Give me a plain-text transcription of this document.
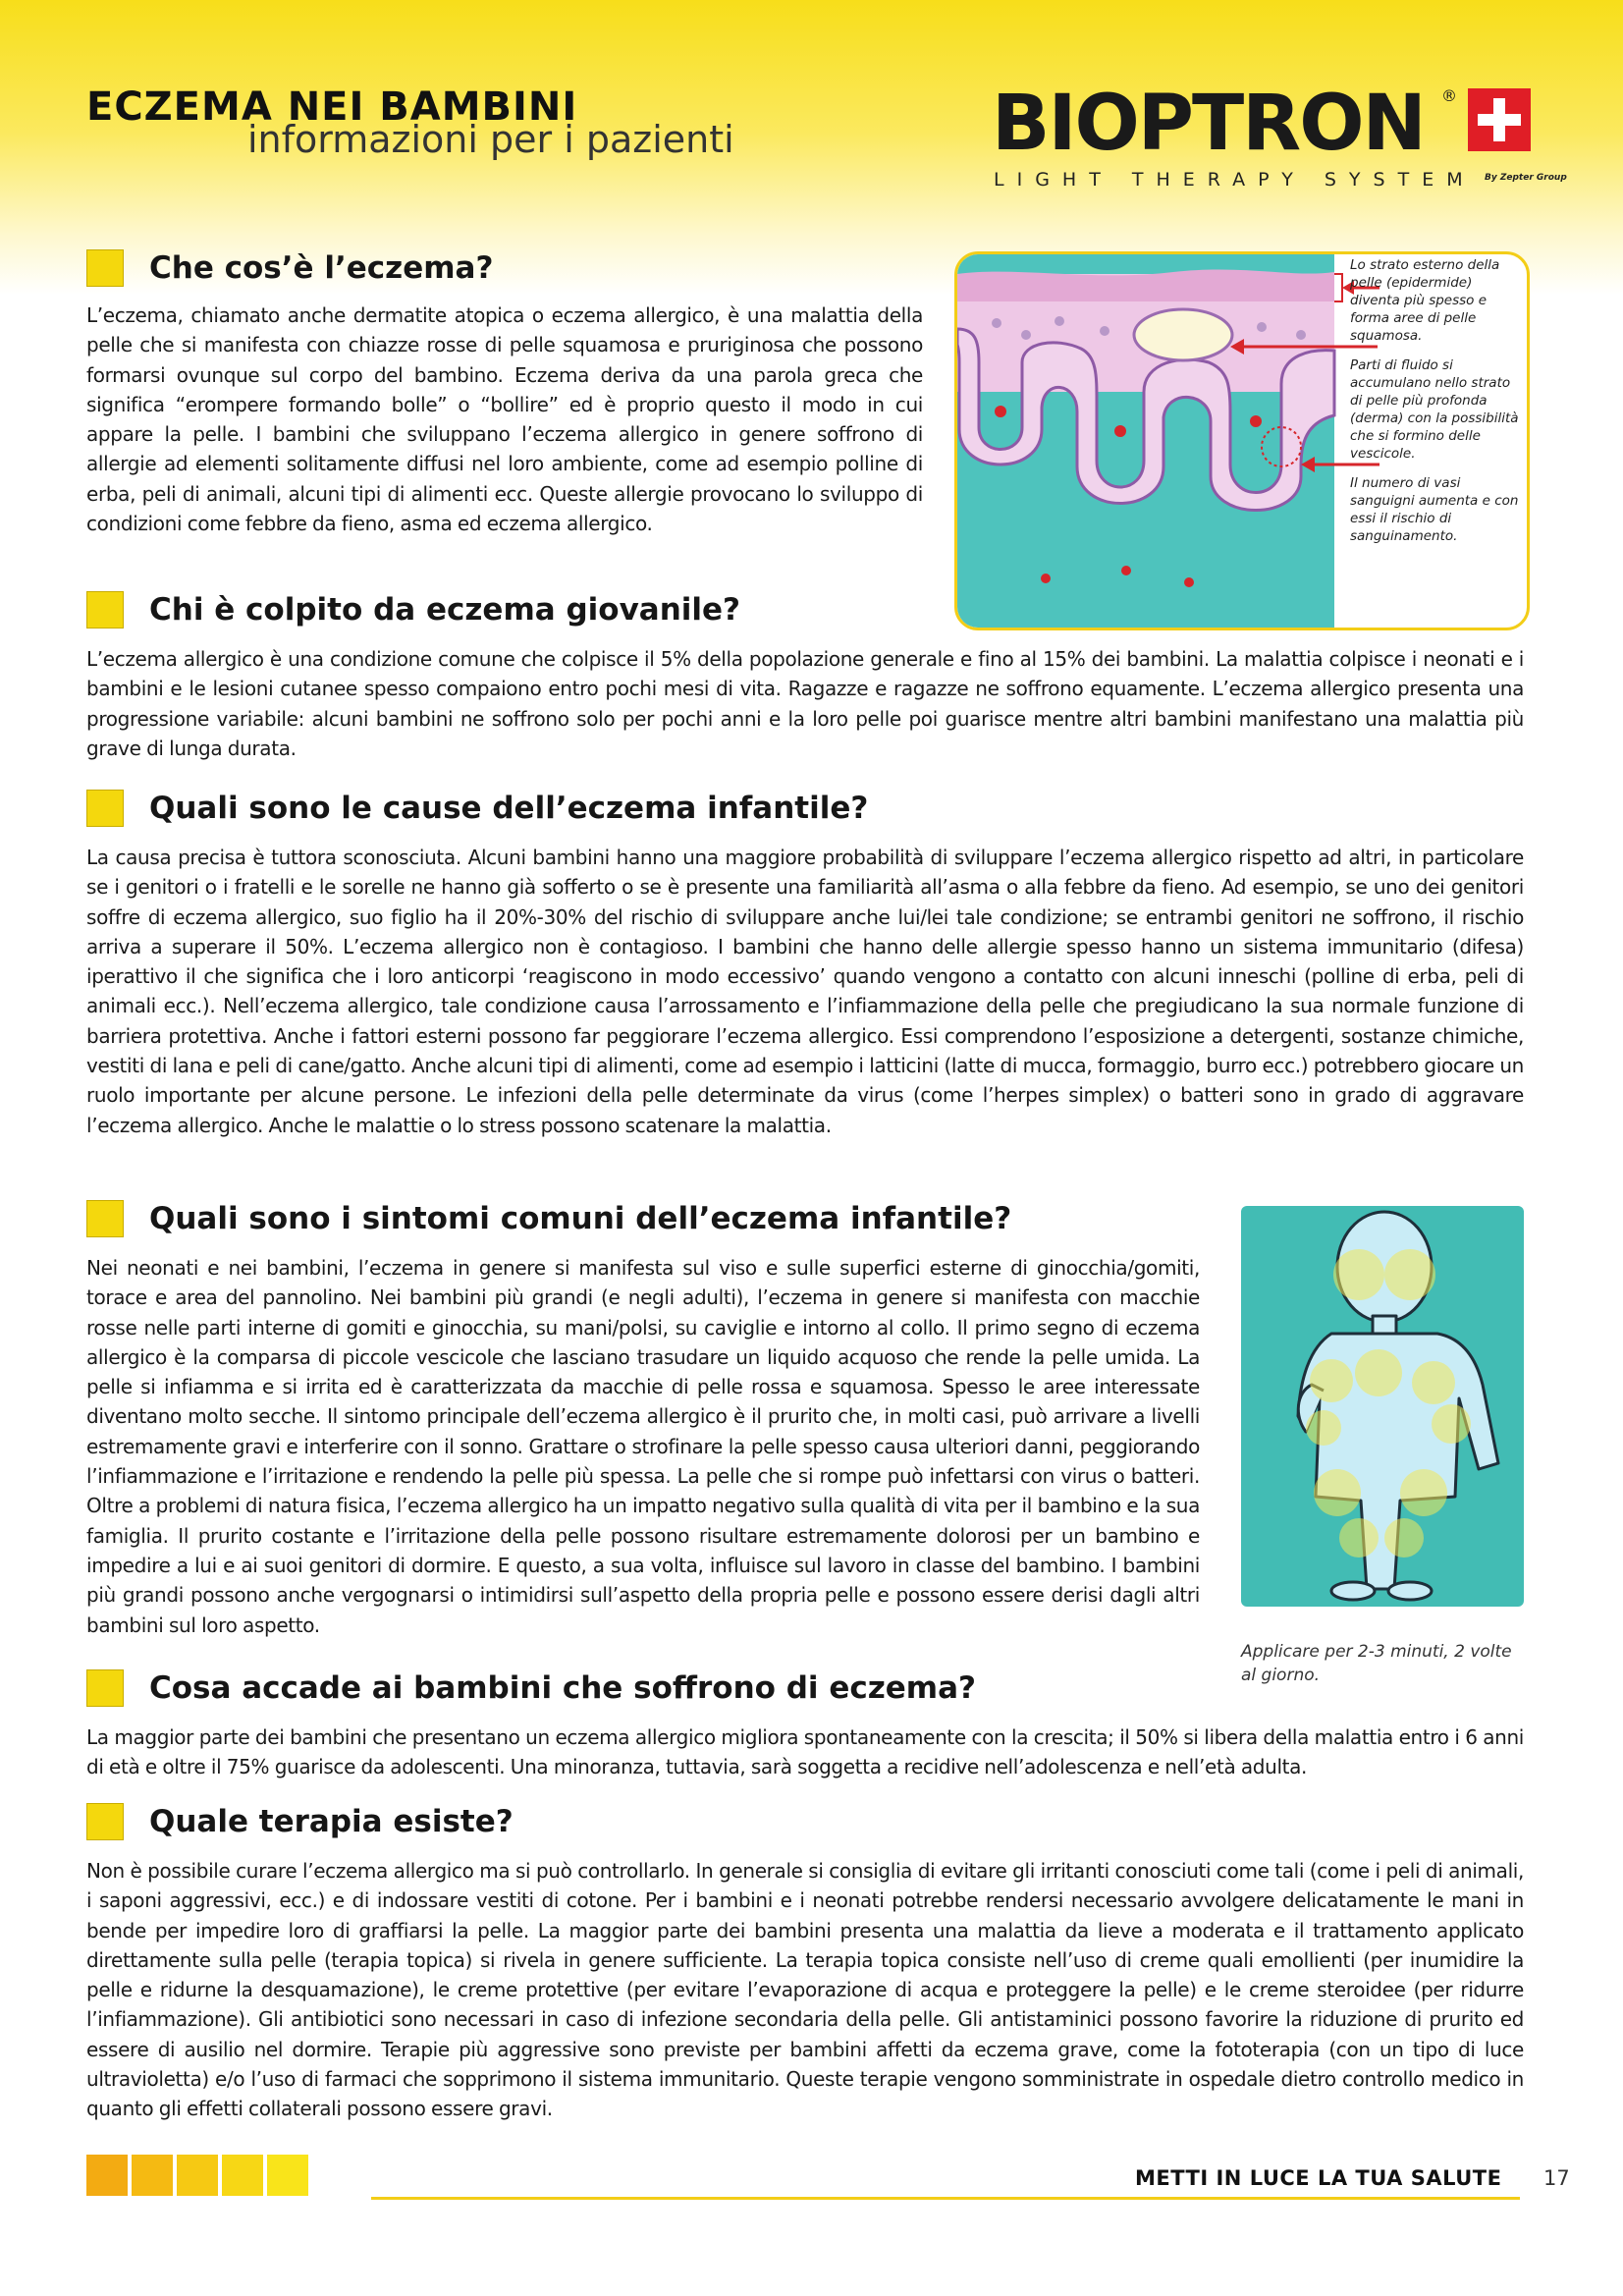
ECZEMA NEI BAMBINI
informazioni per i pazienti	BIOPTRON ®
LIGHT THERAPY SYSTEM By Zepter Group
Che cos’è l’eczema?

L’eczema, chiamato anche dermatite atopica o eczema allergico, è una malattia della pelle che si manifesta con chiazze rosse di pelle squamosa e pruriginosa che possono formarsi ovunque sul corpo del bambino. Eczema deriva da una parola greca che significa “erompere formando bolle” o “bollire” ed è proprio questo il modo in cui appare la pelle. I bambini che sviluppano l’eczema allergico in genere soffrono di allergie ad elementi solitamente diffusi nel loro ambiente, come ad esempio polline di erba, peli di animali, alcuni tipi di alimenti ecc. Queste allergie provocano lo sviluppo di condizioni come febbre da fieno, asma ed eczema allergico.

Lo strato esterno della pelle (epidermide) diventa più spesso e forma aree di pelle squamosa.
Parti di fluido si accumulano nello strato di pelle più profonda (derma) con la possibilità che si formino delle vescicole.
Il numero di vasi sanguigni aumenta e con essi il rischio di sanguinamento.
Chi è colpito da eczema giovanile?

L’eczema allergico è una condizione comune che colpisce il 5% della popolazione generale e fino al 15% dei bambini. La malattia colpisce i neonati e i bambini e le lesioni cutanee spesso compaiono entro pochi mesi di vita. Ragazze e ragazze ne soffrono equamente. L’eczema allergico presenta una progressione variabile: alcuni bambini ne soffrono solo per pochi anni e la loro pelle poi guarisce mentre altri bambini manifestano una malattia più grave di lunga durata.

Quali sono le cause dell’eczema infantile?

La causa precisa è tuttora sconosciuta. Alcuni bambini hanno una maggiore probabilità di sviluppare l’eczema allergico rispetto ad altri, in particolare se i genitori o i fratelli e le sorelle ne hanno già sofferto o se è presente una familiarità all’asma o alla febbre da fieno. Ad esempio, se uno dei genitori soffre di eczema allergico, suo figlio ha il 20%-30% del rischio di sviluppare anche lui/lei tale condizione; se entrambi genitori ne soffrono, il rischio arriva a superare il 50%. L’eczema allergico non è contagioso. I bambini che hanno delle allergie spesso hanno un sistema immunitario (difesa) iperattivo il che significa che i loro anticorpi ‘reagiscono in modo eccessivo’ quando vengono a contatto con alcuni inneschi (polline di erba, peli di animali ecc.). Nell’eczema allergico, tale condizione causa l’arrossamento e l’infiammazione della pelle che pregiudicano la sua normale funzione di barriera protettiva. Anche i fattori esterni possono far peggiorare l’eczema allergico. Essi comprendono l’esposizione a detergenti, sostanze chimiche, vestiti di lana e peli di cane/gatto. Anche alcuni tipi di alimenti, come ad esempio i latticini (latte di mucca, formaggio, burro ecc.) potrebbero giocare un ruolo importante per alcune persone. Le infezioni della pelle determinate da virus (come l’herpes simplex) o batteri sono in grado di aggravare l’eczema allergico. Anche le malattie o lo stress possono scatenare la malattia.

Quali sono i sintomi comuni dell’eczema infantile?

Nei neonati e nei bambini, l’eczema in genere si manifesta sul viso e sulle superfici esterne di ginocchia/gomiti, torace e area del pannolino. Nei bambini più grandi (e negli adulti), l’eczema in genere si manifesta con macchie rosse nelle parti interne di gomiti e ginocchia, su mani/polsi, su caviglie e intorno al collo. Il primo segno di eczema allergico è la comparsa di piccole vescicole che lasciano trasudare un liquido acquoso che rende la pelle umida. La pelle si infiamma e si irrita ed è caratterizzata da macchie di pelle rossa e squamosa. Spesso le aree interessate diventano molto secche. Il sintomo principale dell’eczema allergico è il prurito che, in molti casi, può arrivare a livelli estremamente gravi e interferire con il sonno. Grattare o strofinare la pelle spesso causa ulteriori danni, peggiorando l’infiammazione e l’irritazione e rendendo la pelle più spessa. La pelle che si rompe può infettarsi con virus o batteri. Oltre a problemi di natura fisica, l’eczema allergico ha un impatto negativo sulla qualità di vita per il bambino e la sua famiglia. Il prurito costante e l’irritazione della pelle possono risultare estremamente dolorosi per un bambino e impedire a lui e ai suoi genitori di dormire. E questo, a sua volta, influisce sul lavoro in classe del bambino. I bambini più grandi possono anche vergognarsi o intimidirsi sull’aspetto della propria pelle e possono essere derisi dagli altri bambini sul loro aspetto.

Applicare per 2-3 minuti, 2 volte al giorno.
Cosa accade ai bambini che soffrono di eczema?

La maggior parte dei bambini che presentano un eczema allergico migliora spontaneamente con la crescita; il 50% si libera della malattia entro i 6 anni di età e oltre il 75% guarisce da adolescenti. Una minoranza, tuttavia, sarà soggetta a recidive nell’adolescenza e nell’età adulta.

Quale terapia esiste?

Non è possibile curare l’eczema allergico ma si può controllarlo. In generale si consiglia di evitare gli irritanti conosciuti come tali (come i peli di animali, i saponi aggressivi, ecc.) e di indossare vestiti di cotone. Per i bambini e i neonati potrebbe rendersi necessario avvolgere delicatamente le mani in bende per impedire loro di graffiarsi la pelle. La maggior parte dei bambini presenta una malattia da lieve a moderata e il trattamento applicato direttamente sulla pelle (terapia topica) si rivela in genere sufficiente. La terapia topica consiste nell’uso di creme quali emollienti (per inumidire la pelle e ridurne la desquamazione), le creme protettive (per evitare l’evaporazione di acqua e proteggere la pelle) e le creme steroidee (per ridurre l’infiammazione). Gli antibiotici sono necessari in caso di infezione secondaria della pelle. Gli antistaminici possono favorire la riduzione di prurito ed essere di ausilio nel dormire. Terapie più aggressive sono previste per bambini affetti da eczema grave, come la fototerapia (con un tipo di luce ultravioletta) e/o l’uso di farmaci che sopprimono il sistema immunitario. Queste terapie vengono somministrate in ospedale dietro controllo medico in quanto gli effetti collaterali possono essere gravi.

METTI IN LUCE LA TUA SALUTE 17
